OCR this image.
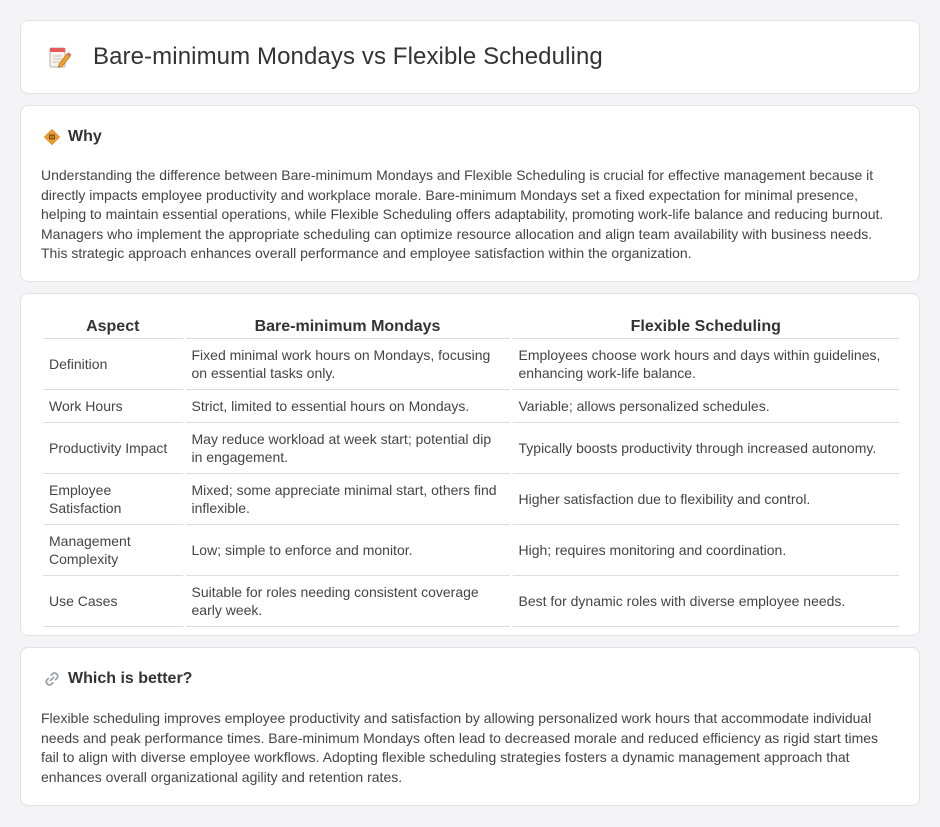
Bare-minimum Mondays vs Flexible Scheduling
Why

Understanding the difference between Bare-minimum Mondays and Flexible Scheduling is crucial for effective management because it directly impacts employee productivity and workplace morale. Bare-minimum Mondays set a fixed expectation for minimal presence, helping to maintain essential operations, while Flexible Scheduling offers adaptability, promoting work-life balance and reducing burnout. Managers who implement the appropriate scheduling can optimize resource allocation and align team availability with business needs. This strategic approach enhances overall performance and employee satisfaction within the organization.

Aspect	Bare-minimum Mondays	Flexible Scheduling
Definition	Fixed minimal work hours on Mondays, focusing on essential tasks only.	Employees choose work hours and days within guidelines, enhancing work-life balance.
Work Hours	Strict, limited to essential hours on Mondays.	Variable; allows personalized schedules.
Productivity Impact	May reduce workload at week start; potential dip in engagement.	Typically boosts productivity through increased autonomy.
Employee Satisfaction	Mixed; some appreciate minimal start, others find inflexible.	Higher satisfaction due to flexibility and control.
Management Complexity	Low; simple to enforce and monitor.	High; requires monitoring and coordination.
Use Cases	Suitable for roles needing consistent coverage early week.	Best for dynamic roles with diverse employee needs.
Which is better?

Flexible scheduling improves employee productivity and satisfaction by allowing personalized work hours that accommodate individual needs and peak performance times. Bare-minimum Mondays often lead to decreased morale and reduced efficiency as rigid start times fail to align with diverse employee workflows. Adopting flexible scheduling strategies fosters a dynamic management approach that enhances overall organizational agility and retention rates.
